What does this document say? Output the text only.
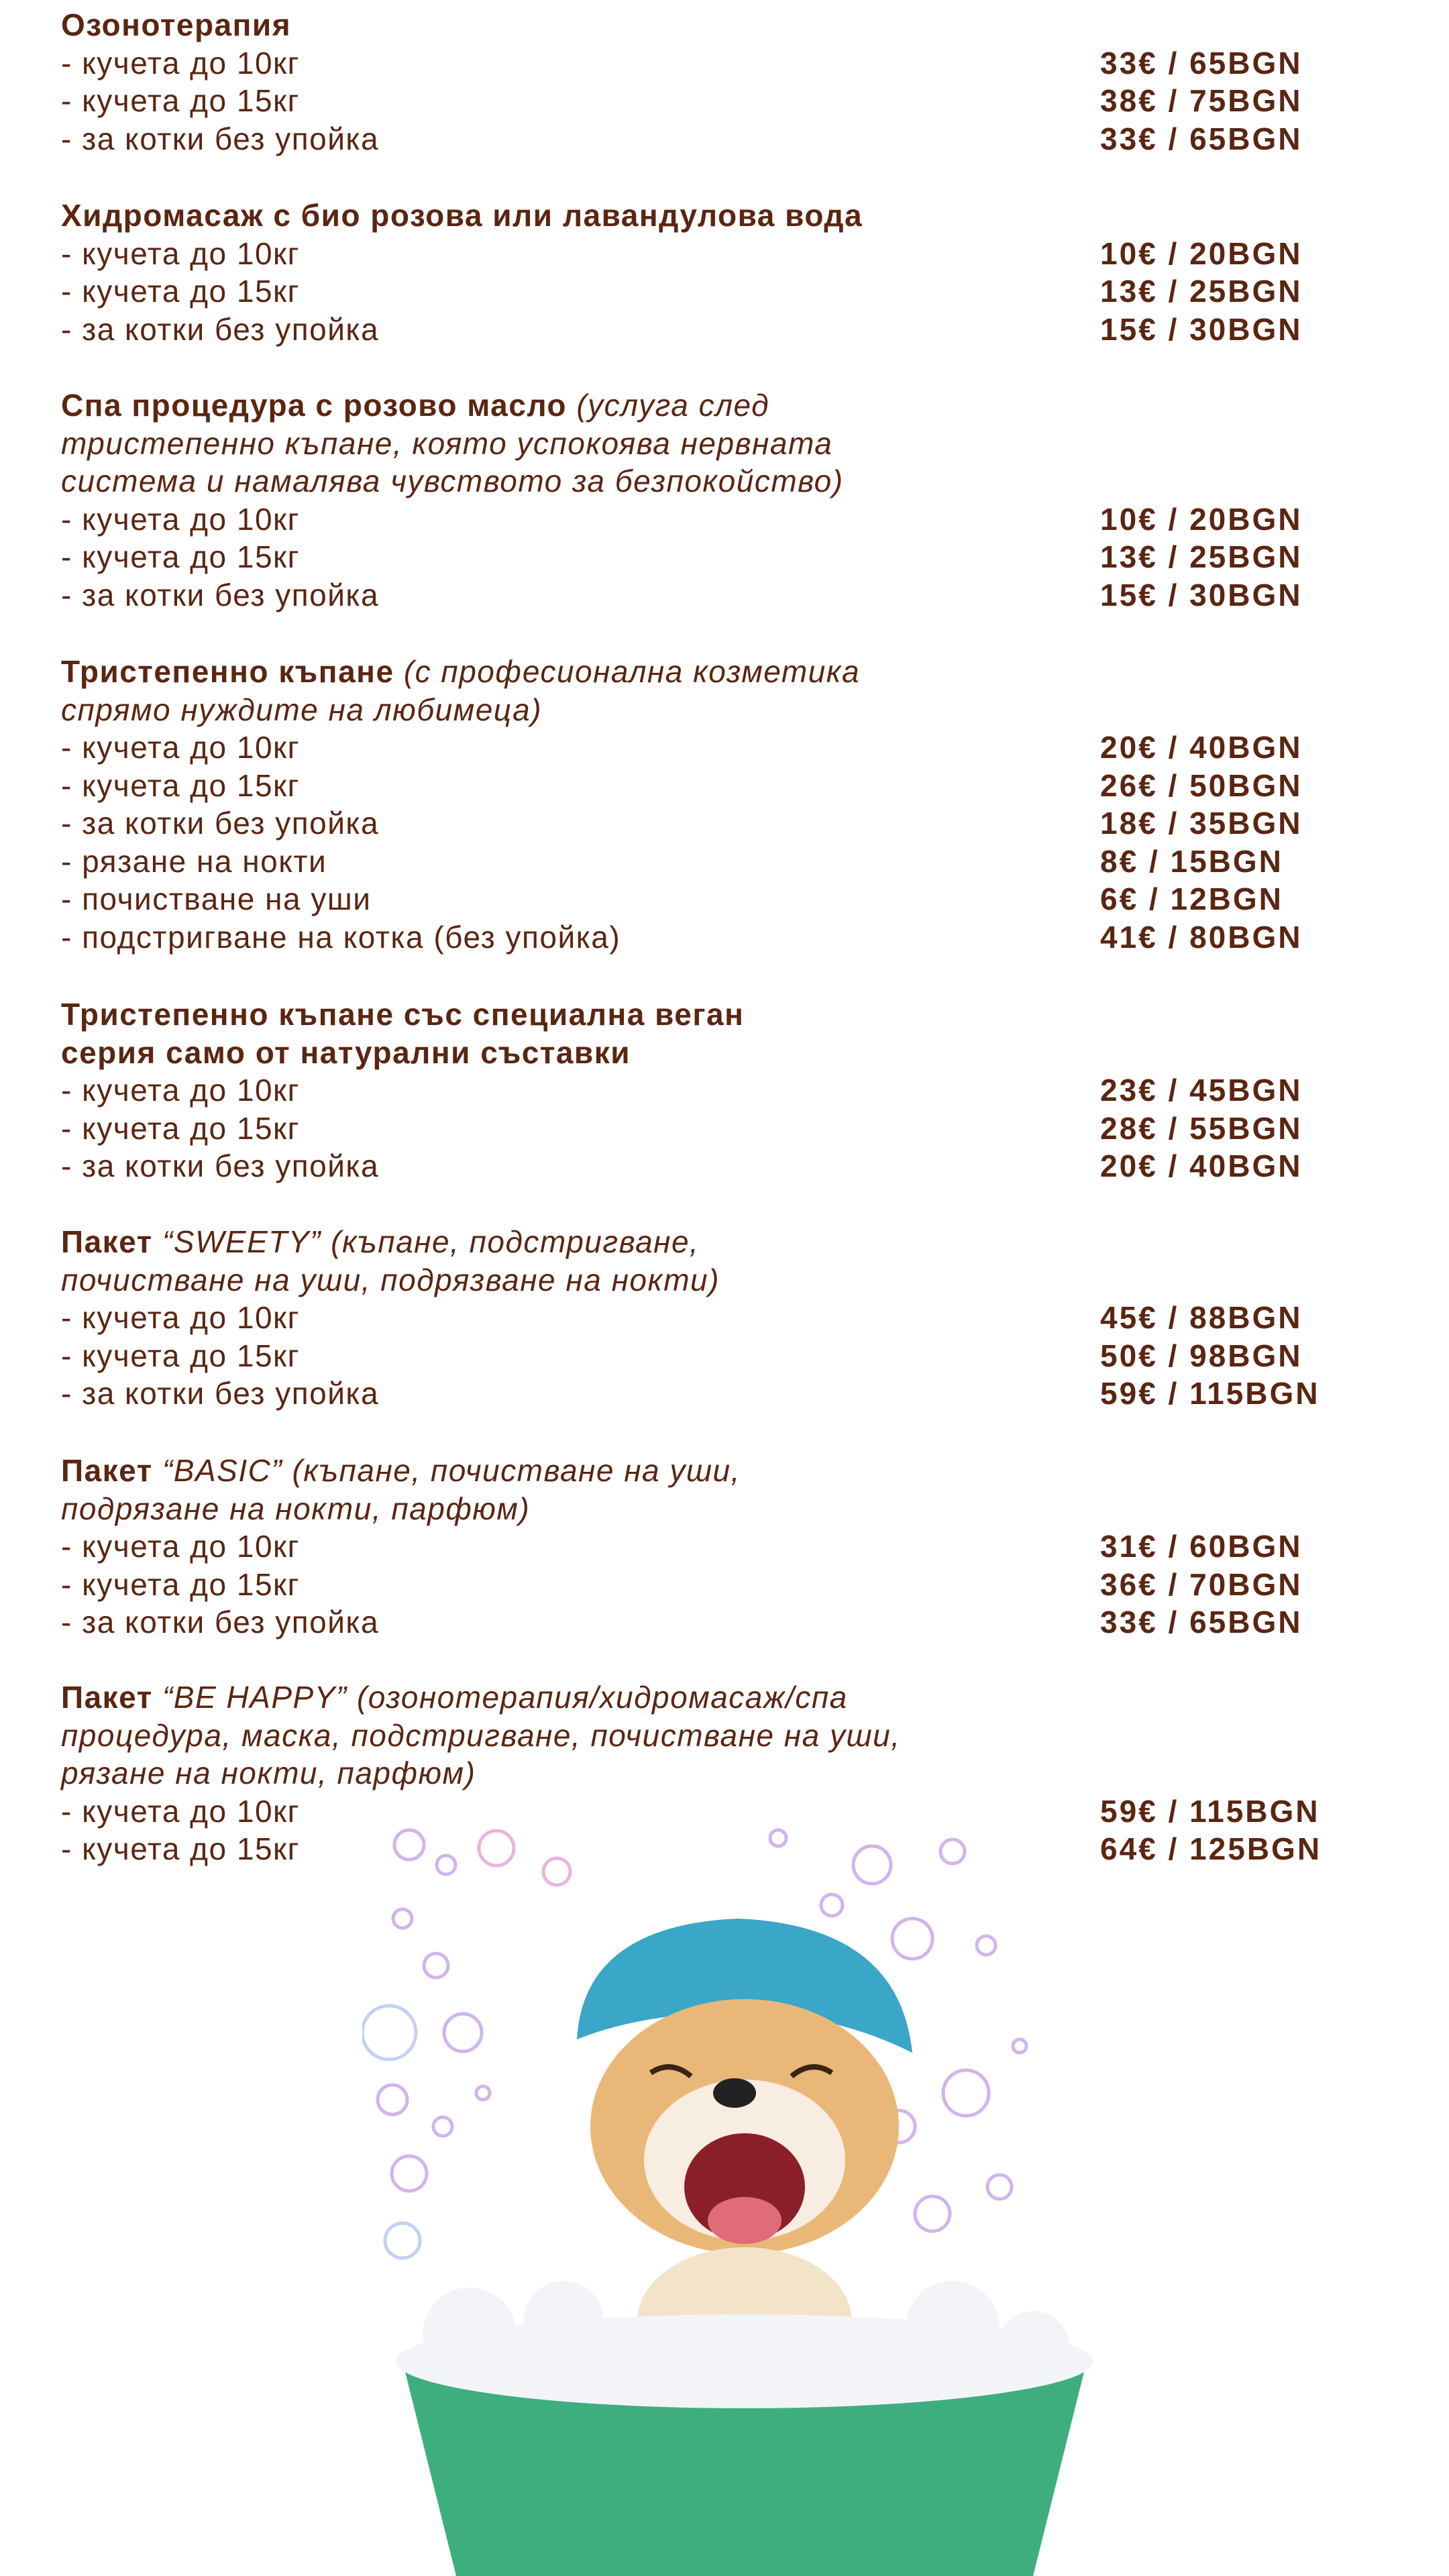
Озонотерапия
- кучета до 10кг	33€ / 65BGN
- кучета до 15кг	38€ / 75BGN
- за котки без упойка	33€ / 65BGN
Хидромасаж с био розова или лавандулова вода
- кучета до 10кг	10€ / 20BGN
- кучета до 15кг	13€ / 25BGN
- за котки без упойка	15€ / 30BGN
Спа процедура с розово масло (услуга след
тристепенно къпане, която успокоява нервната
система и намалява чувството за безпокойство)
- кучета до 10кг	10€ / 20BGN
- кучета до 15кг	13€ / 25BGN
- за котки без упойка	15€ / 30BGN
Тристепенно къпане (с професионална козметика
спрямо нуждите на любимеца)
- кучета до 10кг	20€ / 40BGN
- кучета до 15кг	26€ / 50BGN
- за котки без упойка	18€ / 35BGN
- рязане на нокти	8€ / 15BGN
- почистване на уши	6€ / 12BGN
- подстригване на котка (без упойка)	41€ / 80BGN
Тристепенно къпане със специална веган
серия само от натурални съставки
- кучета до 10кг	23€ / 45BGN
- кучета до 15кг	28€ / 55BGN
- за котки без упойка	20€ / 40BGN
Пакет “SWEETY” (къпане, подстригване,
почистване на уши, подрязване на нокти)
- кучета до 10кг	45€ / 88BGN
- кучета до 15кг	50€ / 98BGN
- за котки без упойка	59€ / 115BGN
Пакет “BASIC” (къпане, почистване на уши,
подрязане на нокти, парфюм)
- кучета до 10кг	31€ / 60BGN
- кучета до 15кг	36€ / 70BGN
- за котки без упойка	33€ / 65BGN
Пакет “BE HAPPY” (озонотерапия/хидромасаж/спа
процедура, маска, подстригване, почистване на уши,
рязане на нокти, парфюм)
- кучета до 10кг	59€ / 115BGN
- кучета до 15кг	64€ / 125BGN
